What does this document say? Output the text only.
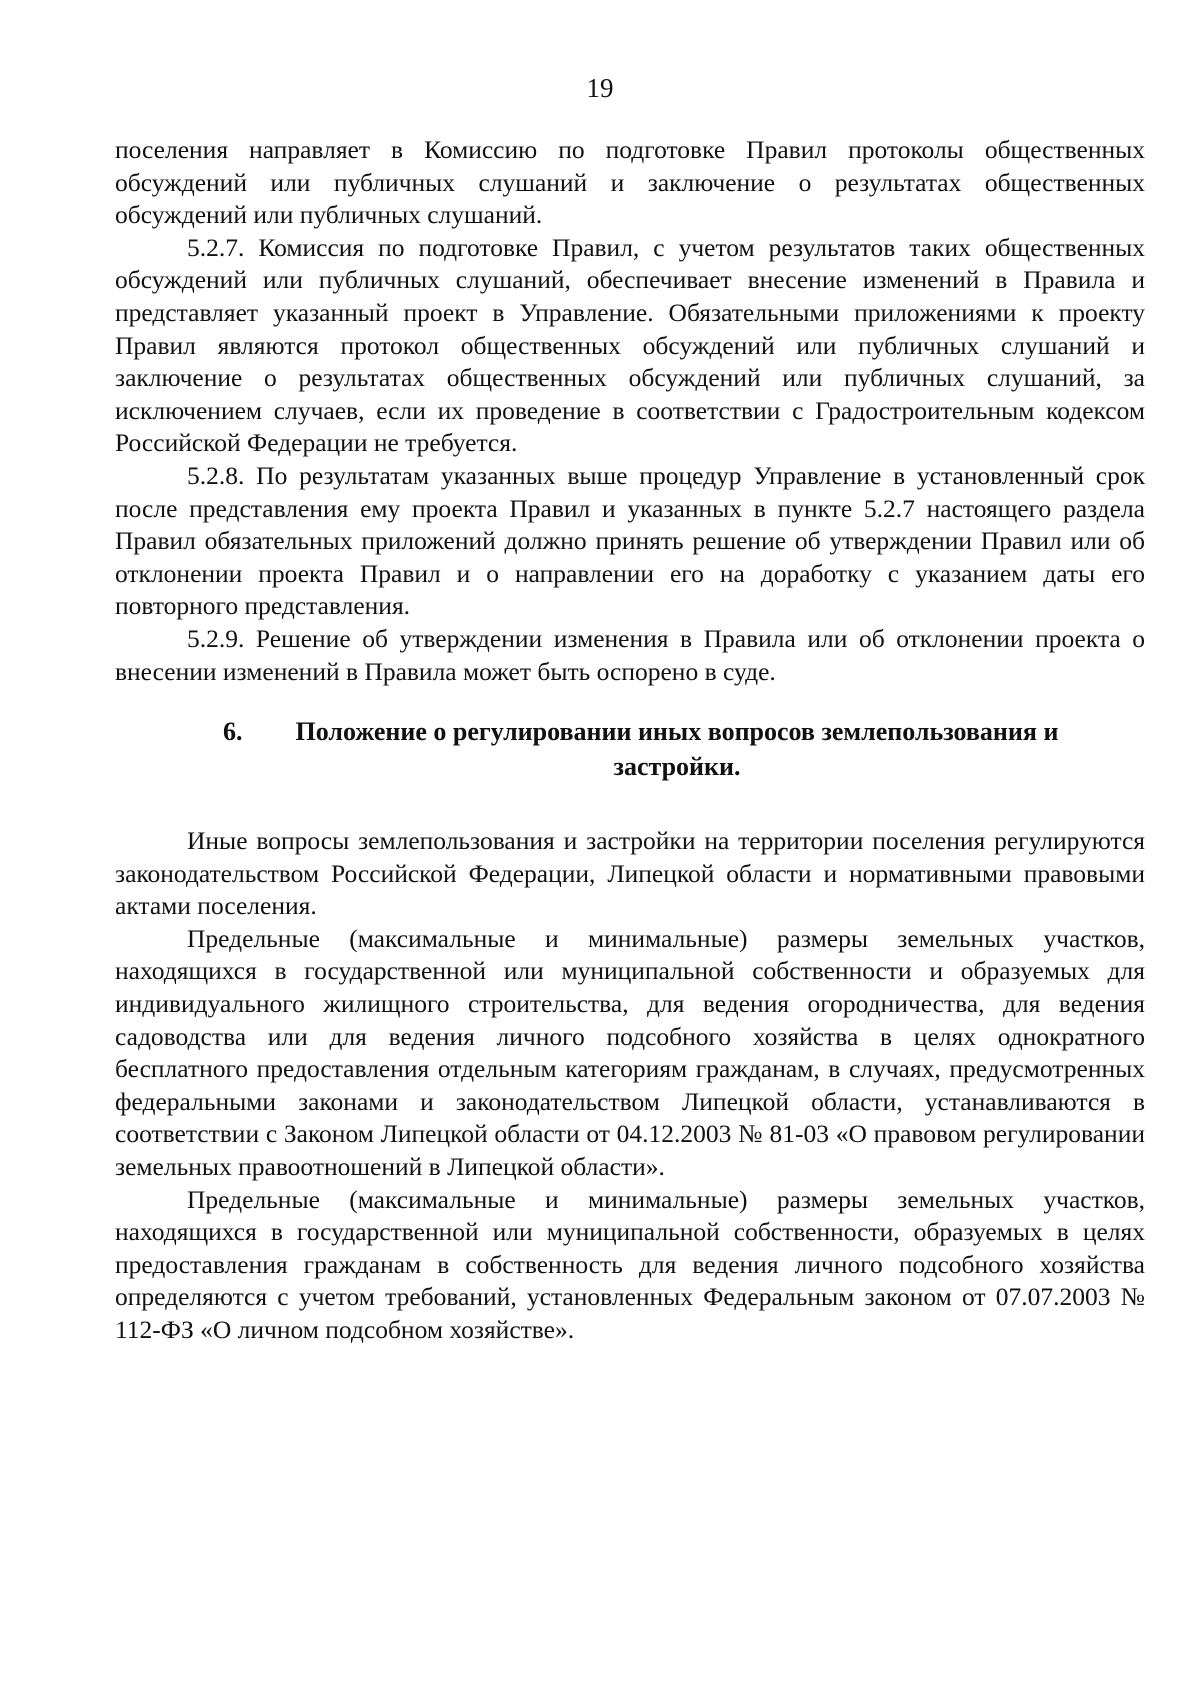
19

поселения направляет в Комиссию по подготовке Правил протоколы общественных обсуждений или публичных слушаний и заключение о результатах общественных обсуждений или публичных слушаний.

5.2.7. Комиссия по подготовке Правил, с учетом результатов таких общественных обсуждений или публичных слушаний, обеспечивает внесение изменений в Правила и представляет указанный проект в Управление. Обязательными приложениями к проекту Правил являются протокол общественных обсуждений или публичных слушаний и заключение о результатах общественных обсуждений или публичных слушаний, за исключением случаев, если их проведение в соответствии с Градостроительным кодексом Российской Федерации не требуется.

5.2.8. По результатам указанных выше процедур Управление в установленный срок после представления ему проекта Правил и указанных в пункте 5.2.7 настоящего раздела Правил обязательных приложений должно принять решение об утверждении Правил или об отклонении проекта Правил и о направлении его на доработку с указанием даты его повторного представления.

5.2.9. Решение об утверждении изменения в Правила или об отклонении проекта о внесении изменений в Правила может быть оспорено в суде.

6.	Положение о регулировании иных вопросов землепользования и застройки.

Иные вопросы землепользования и застройки на территории поселения регулируются законодательством Российской Федерации, Липецкой области и нормативными правовыми актами поселения.

Предельные (максимальные и минимальные) размеры земельных участков, находящихся в государственной или муниципальной собственности и образуемых для индивидуального жилищного строительства, для ведения огородничества, для ведения садоводства или для ведения личного подсобного хозяйства в целях однократного бесплатного предоставления отдельным категориям гражданам, в случаях, предусмотренных федеральными законами и законодательством Липецкой области, устанавливаются в соответствии с Законом Липецкой области от 04.12.2003 № 81-03 «О правовом регулировании земельных правоотношений в Липецкой области».

Предельные (максимальные и минимальные) размеры земельных участков, находящихся в государственной или муниципальной собственности, образуемых в целях предоставления гражданам в собственность для ведения личного подсобного хозяйства определяются с учетом требований, установленных Федеральным законом от 07.07.2003 № 112-ФЗ «О личном подсобном хозяйстве».
